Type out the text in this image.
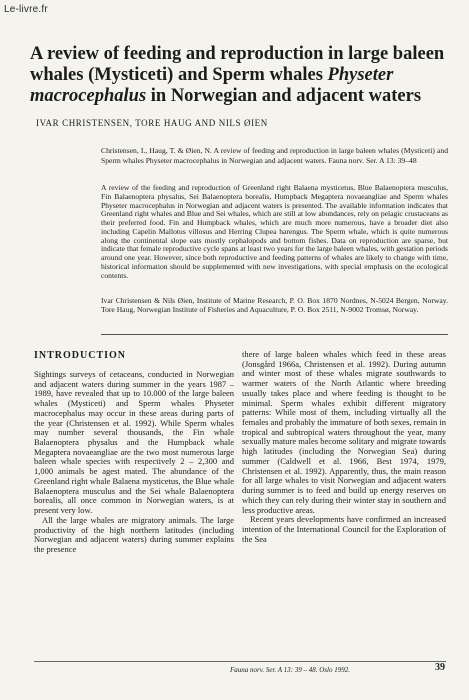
Le-livre.fr
A review of feeding and reproduction in large baleen whales (Mysticeti) and Sperm whales Physeter macrocephalus in Norwegian and adjacent waters
IVAR CHRISTENSEN, TORE HAUG AND NILS ØIEN
Christensen, I., Haug, T. & Øien, N. A review of feeding and reproduction in large baleen whales (Mysticeti) and Sperm whales Physeter macrocephalus in Norwegian and adjacent waters. Fauna norv. Ser. A 13: 39–48
A review of the feeding and reproduction of Greenland right Balaena mysticetus, Blue Balaenoptera musculus, Fin Balaenoptera physalus, Sei Balaenoptera borealis, Humpback Megaptera novaeangliae and Sperm whales Physeter macrocephalus in Norwegian and adjacent waters is presented. The available information indicates that Greenland right whales and Blue and Sei whales, which are still at low abundances, rely on pelagic crustaceans as their preferred food. Fin and Humpback whales, which are much more numerous, have a broader diet also including Capelin Mallotus villosus and Herring Clupea harengus. The Sperm whale, which is quite numerous along the continental slope eats mostly cephalopods and bottom fishes. Data on reproduction are sparse, but indicate that female reproductive cycle spans at least two years for the large baleen whales, with gestation periods around one year. However, since both reproductive and feeding patterns of whales are likely to change with time, historical information should be supplemented with new investigations, with special emphasis on the ecological contents.
Ivar Christensen & Nils Øien, Institute of Marine Research, P. O. Box 1870 Nordnes, N-5024 Bergen, Norway. Tore Haug, Norwegian Institute of Fisheries and Aquaculture, P. O. Box 2511, N-9002 Tromsø, Norway.
INTRODUCTION

Sightings surveys of cetaceans, conducted in Norwegian and adjacent waters during summer in the years 1987 – 1989, have revealed that up to 10.000 of the large baleen whales (Mysticeti) and Sperm whales Physeter macrocephalus may occur in these areas during parts of the year (Christensen et al. 1992). While Sperm whales may number several thousands, the Fin whale Balaenoptera physalus and the Humpback whale Megaptera novaeangliae are the two most numerous large baleen whale species with respectively 2 – 2,300 and 1,000 animals be agest mated. The abundance of the Greenland right whale Balaena mysticetus, the Blue whale Balaenoptera musculus and the Sei whale Balaenoptera borealis, all once common in Norwegian waters, is at present very low.

All the large whales are migratory animals. The large productivity of the high northern latitudes (including Norwegian and adjacent waters) during summer explains the presence

there of large baleen whales which feed in these areas (Jonsgård 1966a, Christensen et al. 1992). During autumn and winter most of these whales migrate southwards to warmer waters of the North Atlantic where breeding usually takes place and where feeding is thought to be minimal. Sperm whales exhibit different migratory patterns: While most of them, including virtually all the females and probably the immature of both sexes, remain in tropical and subtropical waters throughout the year, many sexually mature males become solitary and migrate towards high latitudes (including the Norwegian Sea) during summer (Caldwell et al. 1966, Best 1974, 1979, Christensen et al. 1992). Apparently, thus, the main reason for all large whales to visit Norwegian and adjacent waters during summer is to feed and build up energy reserves on which they can rely during their winter stay in southern and less productive areas.

Recent years developments have confirmed an increased intention of the International Council for the Exploration of the Sea

Fauna norv. Ser. A 13: 39 – 48. Oslo 1992.	39
